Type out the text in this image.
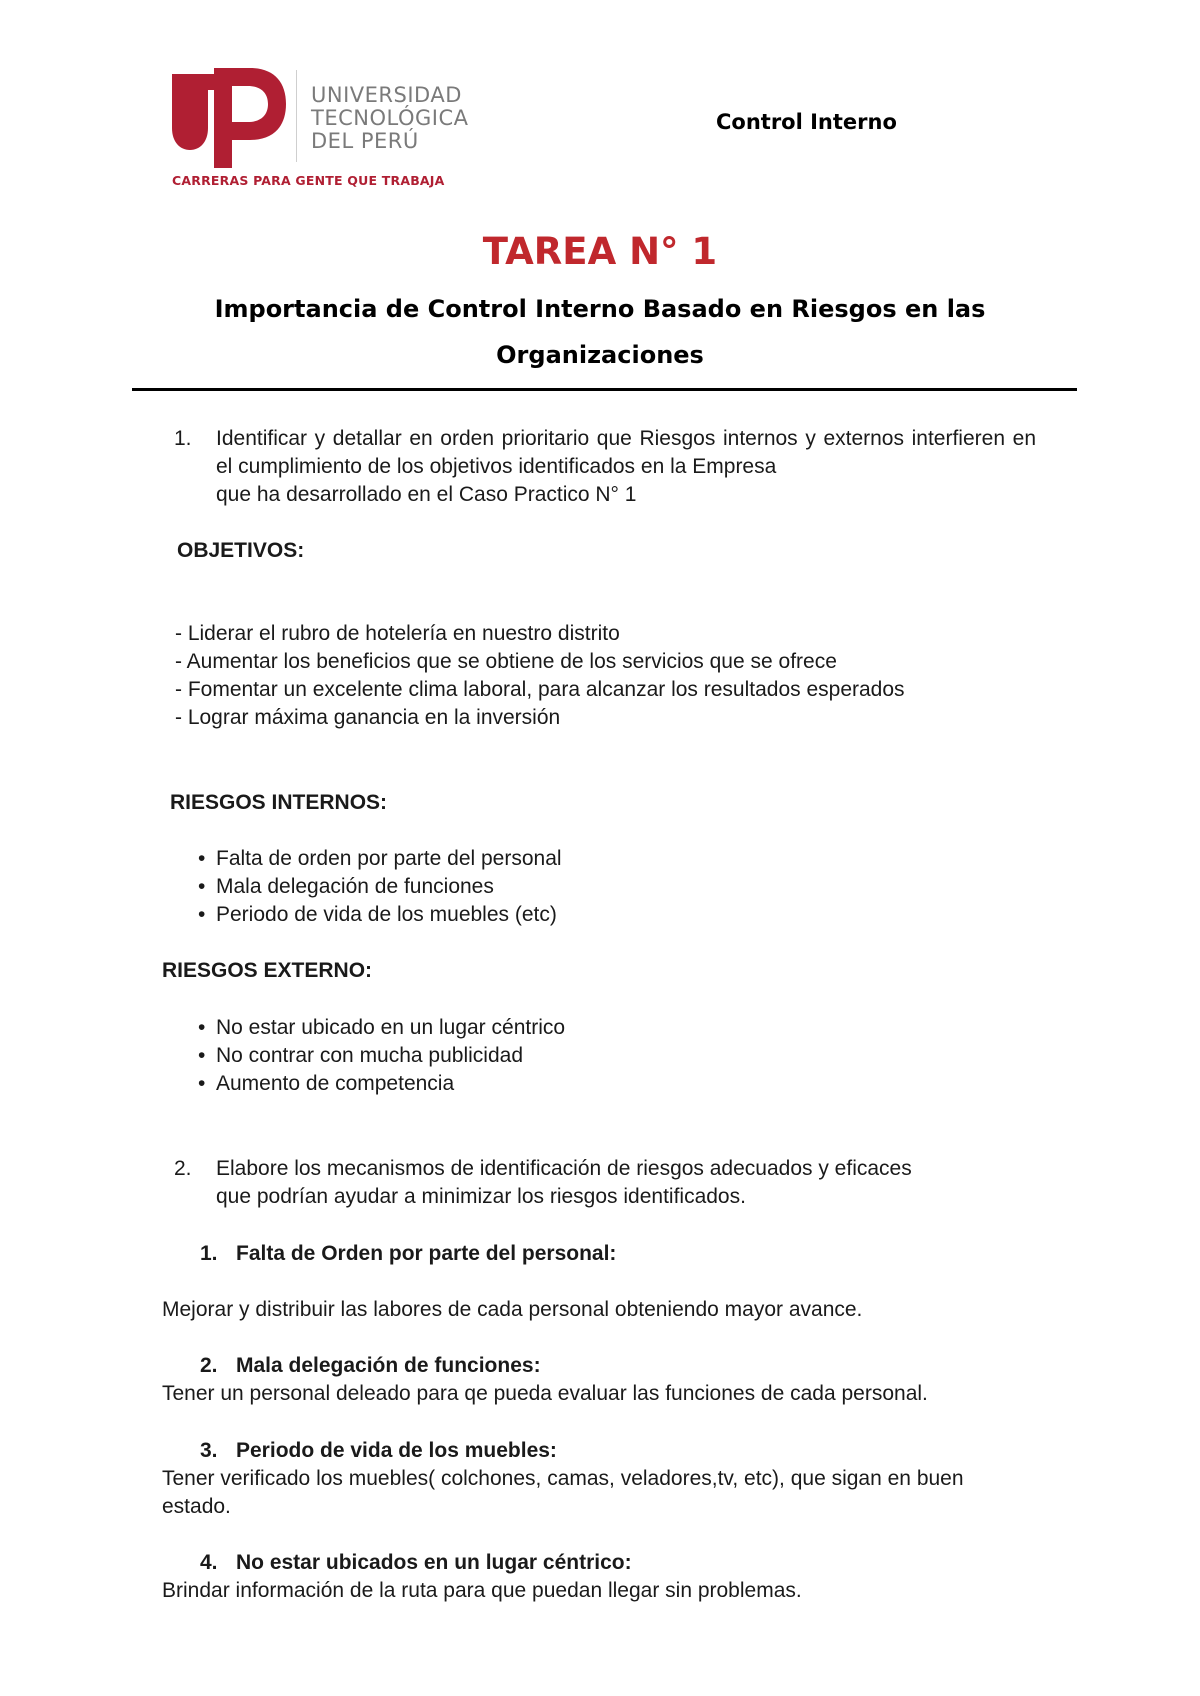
UNIVERSIDAD
TECNOLÓGICA
DEL PERÚ
CARRERAS PARA GENTE QUE TRABAJA
Control Interno
TAREA N° 1
Importancia de Control Interno Basado en Riesgos en las
Organizaciones
1. Identificar y detallar en orden prioritario que Riesgos internos y externos interfieren en el cumplimiento de los objetivos identificados en la Empresa
que ha desarrollado en el Caso Practico N° 1
OBJETIVOS:
- Liderar el rubro de hotelería en nuestro distrito
- Aumentar los beneficios que se obtiene de los servicios que se ofrece
- Fomentar un excelente clima laboral, para alcanzar los resultados esperados
- Lograr máxima ganancia en la inversión
RIESGOS INTERNOS:
• Falta de orden por parte del personal
• Mala delegación de funciones
• Periodo de vida de los muebles (etc)
RIESGOS EXTERNO:
• No estar ubicado en un lugar céntrico
• No contrar con mucha publicidad
• Aumento de competencia
2. Elabore los mecanismos de identificación de riesgos adecuados y eficaces
que podrían ayudar a minimizar los riesgos identificados.
1. Falta de Orden por parte del personal:
Mejorar y distribuir las labores de cada personal obteniendo mayor avance.
2. Mala delegación de funciones:
Tener un personal deleado para qe pueda evaluar las funciones de cada personal.
3. Periodo de vida de los muebles:
Tener verificado los muebles( colchones, camas, veladores,tv, etc), que sigan en buen
estado.
4. No estar ubicados en un lugar céntrico:
Brindar información de la ruta para que puedan llegar sin problemas.
